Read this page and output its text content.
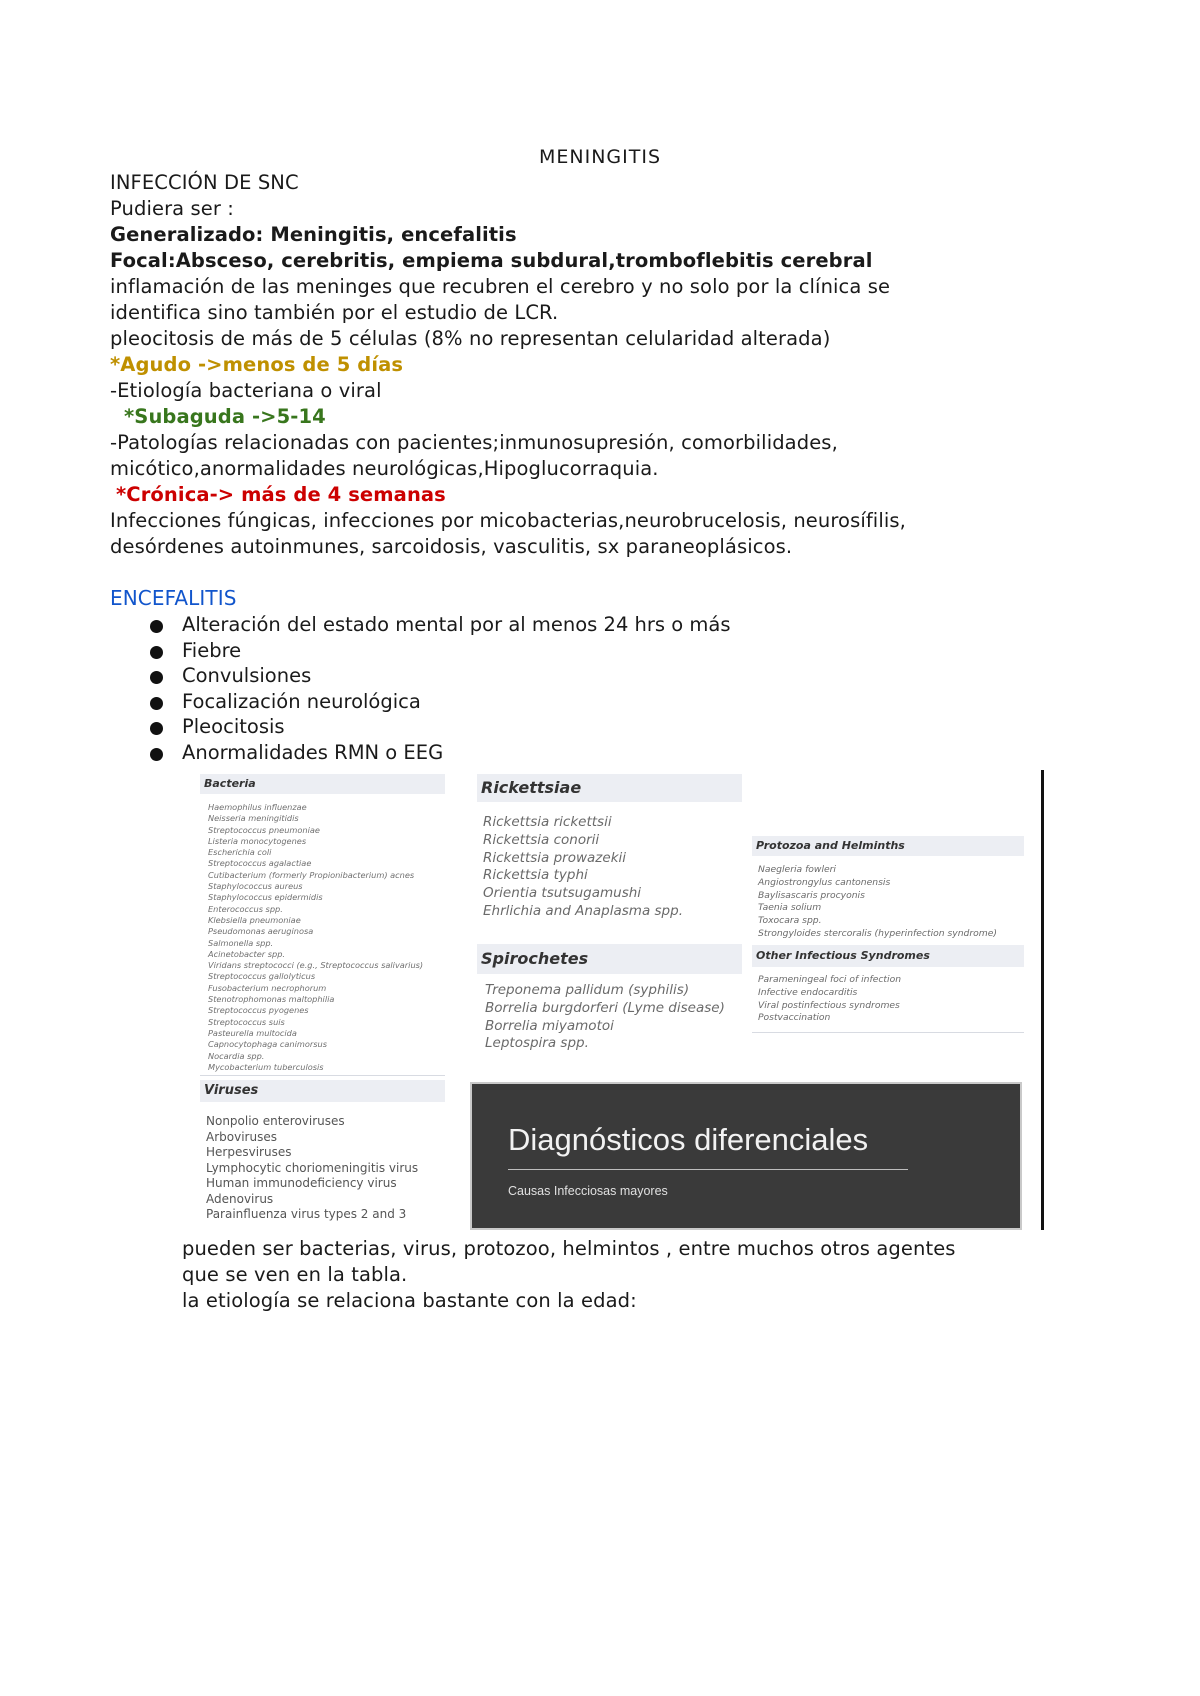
MENINGITIS
INFECCIÓN DE SNC
Pudiera ser :
Generalizado: Meningitis, encefalitis
Focal:Absceso, cerebritis, empiema subdural,tromboflebitis cerebral
inflamación de las meninges que recubren el cerebro y no solo por la clínica se
identifica sino también por el estudio de LCR.
pleocitosis de más de 5 células (8% no representan celularidad alterada)
*Agudo ->menos de 5 días
-Etiología bacteriana o viral
*Subaguda ->5-14
-Patologías relacionadas con pacientes;inmunosupresión, comorbilidades,
micótico,anormalidades neurológicas,Hipoglucorraquia.
*Crónica-> más de 4 semanas
Infecciones fúngicas, infecciones por micobacterias,neurobrucelosis, neurosífilis,
desórdenes autoinmunes, sarcoidosis, vasculitis, sx paraneoplásicos.
ENCEFALITIS
Alteración del estado mental por al menos 24 hrs o más
Fiebre
Convulsiones
Focalización neurológica
Pleocitosis
Anormalidades RMN o EEG
Bacteria
Haemophilus influenzae
Neisseria meningitidis
Streptococcus pneumoniae
Listeria monocytogenes
Escherichia coli
Streptococcus agalactiae
Cutibacterium (formerly Propionibacterium) acnes
Staphylococcus aureus
Staphylococcus epidermidis
Enterococcus spp.
Klebsiella pneumoniae
Pseudomonas aeruginosa
Salmonella spp.
Acinetobacter spp.
Viridans streptococci (e.g., Streptococcus salivarius)
Streptococcus gallolyticus
Fusobacterium necrophorum
Stenotrophomonas maltophilia
Streptococcus pyogenes
Streptococcus suis
Pasteurella multocida
Capnocytophaga canimorsus
Nocardia spp.
Mycobacterium tuberculosis
Viruses
Nonpolio enteroviruses
Arboviruses
Herpesviruses
Lymphocytic choriomeningitis virus
Human immunodeficiency virus
Adenovirus
Parainfluenza virus types 2 and 3
Rickettsiae
Rickettsia rickettsii
Rickettsia conorii
Rickettsia prowazekii
Rickettsia typhi
Orientia tsutsugamushi
Ehrlichia and Anaplasma spp.
Spirochetes
Treponema pallidum (syphilis)
Borrelia burgdorferi (Lyme disease)
Borrelia miyamotoi
Leptospira spp.
Protozoa and Helminths
Naegleria fowleri
Angiostrongylus cantonensis
Baylisascaris procyonis
Taenia solium
Toxocara spp.
Strongyloides stercoralis (hyperinfection syndrome)
Other Infectious Syndromes
Parameningeal foci of infection
Infective endocarditis
Viral postinfectious syndromes
Postvaccination
Diagnósticos diferenciales
Causas Infecciosas mayores
pueden ser bacterias, virus, protozoo, helmintos , entre muchos otros agentes
que se ven en la tabla.
la etiología se relaciona bastante con la edad:
